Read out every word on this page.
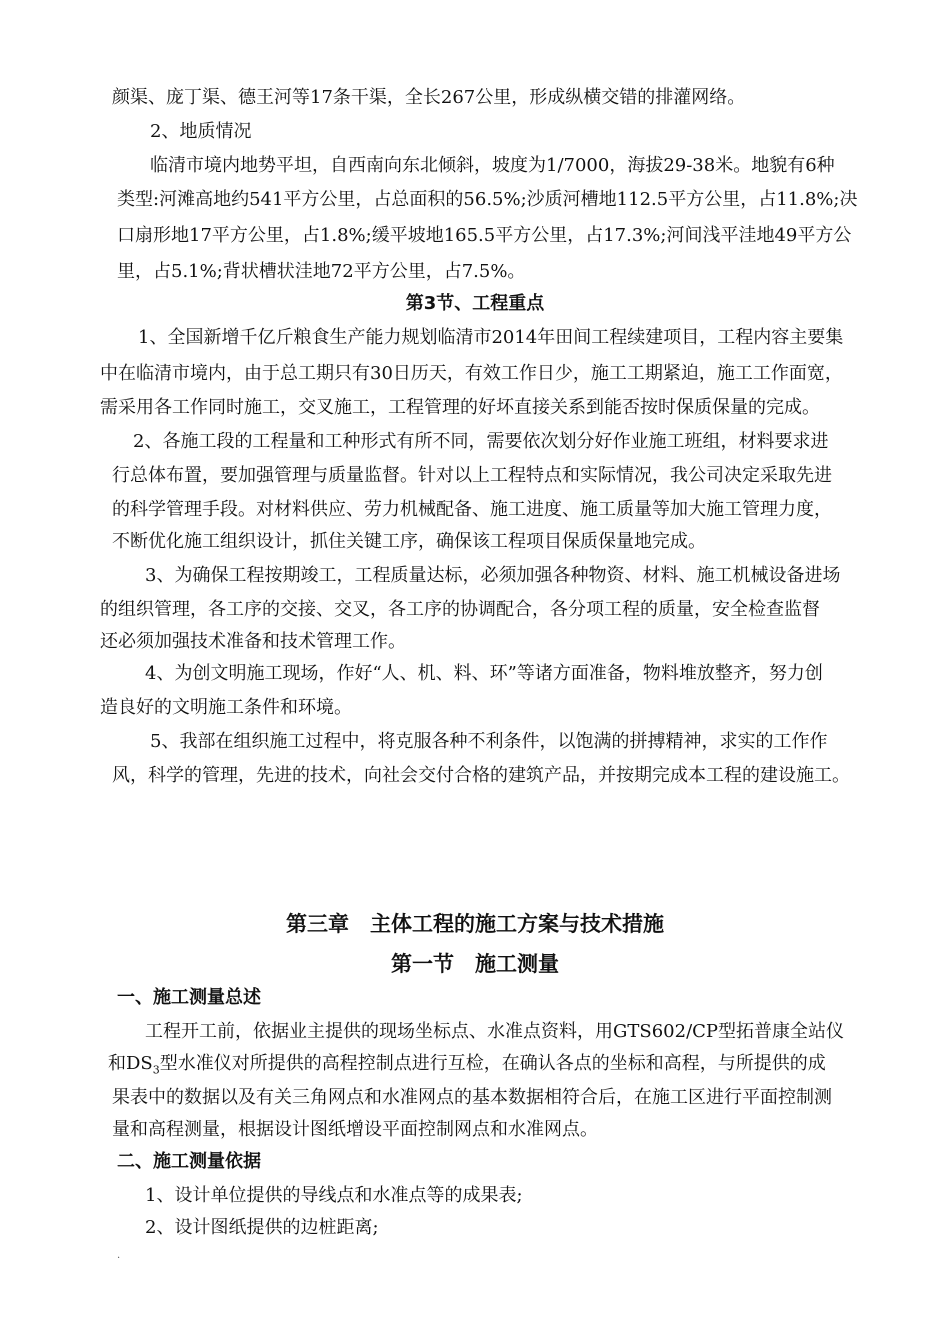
颜渠、庞丁渠、德王河等17条干渠，全长267公里，形成纵横交错的排灌网络。
2、地质情况
临清市境内地势平坦，自西南向东北倾斜，坡度为1/7000，海拔29-38米。地貌有6种
类型:河滩高地约541平方公里，占总面积的56.5%;沙质河槽地112.5平方公里，占11.8%;决
口扇形地17平方公里，占1.8%;缓平坡地165.5平方公里，占17.3%;河间浅平洼地49平方公
里，占5.1%;背状槽状洼地72平方公里，占7.5%。
第3节、工程重点
1、全国新增千亿斤粮食生产能力规划临清市2014年田间工程续建项目，工程内容主要集
中在临清市境内，由于总工期只有30日历天，有效工作日少，施工工期紧迫，施工工作面宽，
需采用各工作同时施工，交叉施工，工程管理的好坏直接关系到能否按时保质保量的完成。
2、各施工段的工程量和工种形式有所不同，需要依次划分好作业施工班组，材料要求进
行总体布置，要加强管理与质量监督。针对以上工程特点和实际情况，我公司决定采取先进
的科学管理手段。对材料供应、劳力机械配备、施工进度、施工质量等加大施工管理力度，
不断优化施工组织设计，抓住关键工序，确保该工程项目保质保量地完成。
3、为确保工程按期竣工，工程质量达标，必须加强各种物资、材料、施工机械设备进场
的组织管理，各工序的交接、交叉，各工序的协调配合，各分项工程的质量，安全检查监督
还必须加强技术准备和技术管理工作。
4、为创文明施工现场，作好“人、机、料、环”等诸方面准备，物料堆放整齐，努力创
造良好的文明施工条件和环境。
5、我部在组织施工过程中，将克服各种不利条件，以饱满的拼搏精神，求实的工作作
风，科学的管理，先进的技术，向社会交付合格的建筑产品，并按期完成本工程的建设施工。
第三章　主体工程的施工方案与技术措施
第一节　施工测量
一、施工测量总述
工程开工前，依据业主提供的现场坐标点、水准点资料，用GTS602/CP型拓普康全站仪
和$DS_3$型水准仪对所提供的高程控制点进行互检，在确认各点的坐标和高程，与所提供的成
果表中的数据以及有关三角网点和水准网点的基本数据相符合后，在施工区进行平面控制测
量和高程测量，根据设计图纸增设平面控制网点和水准网点。
二、施工测量依据
1、设计单位提供的导线点和水准点等的成果表;
2、设计图纸提供的边桩距离;
.
